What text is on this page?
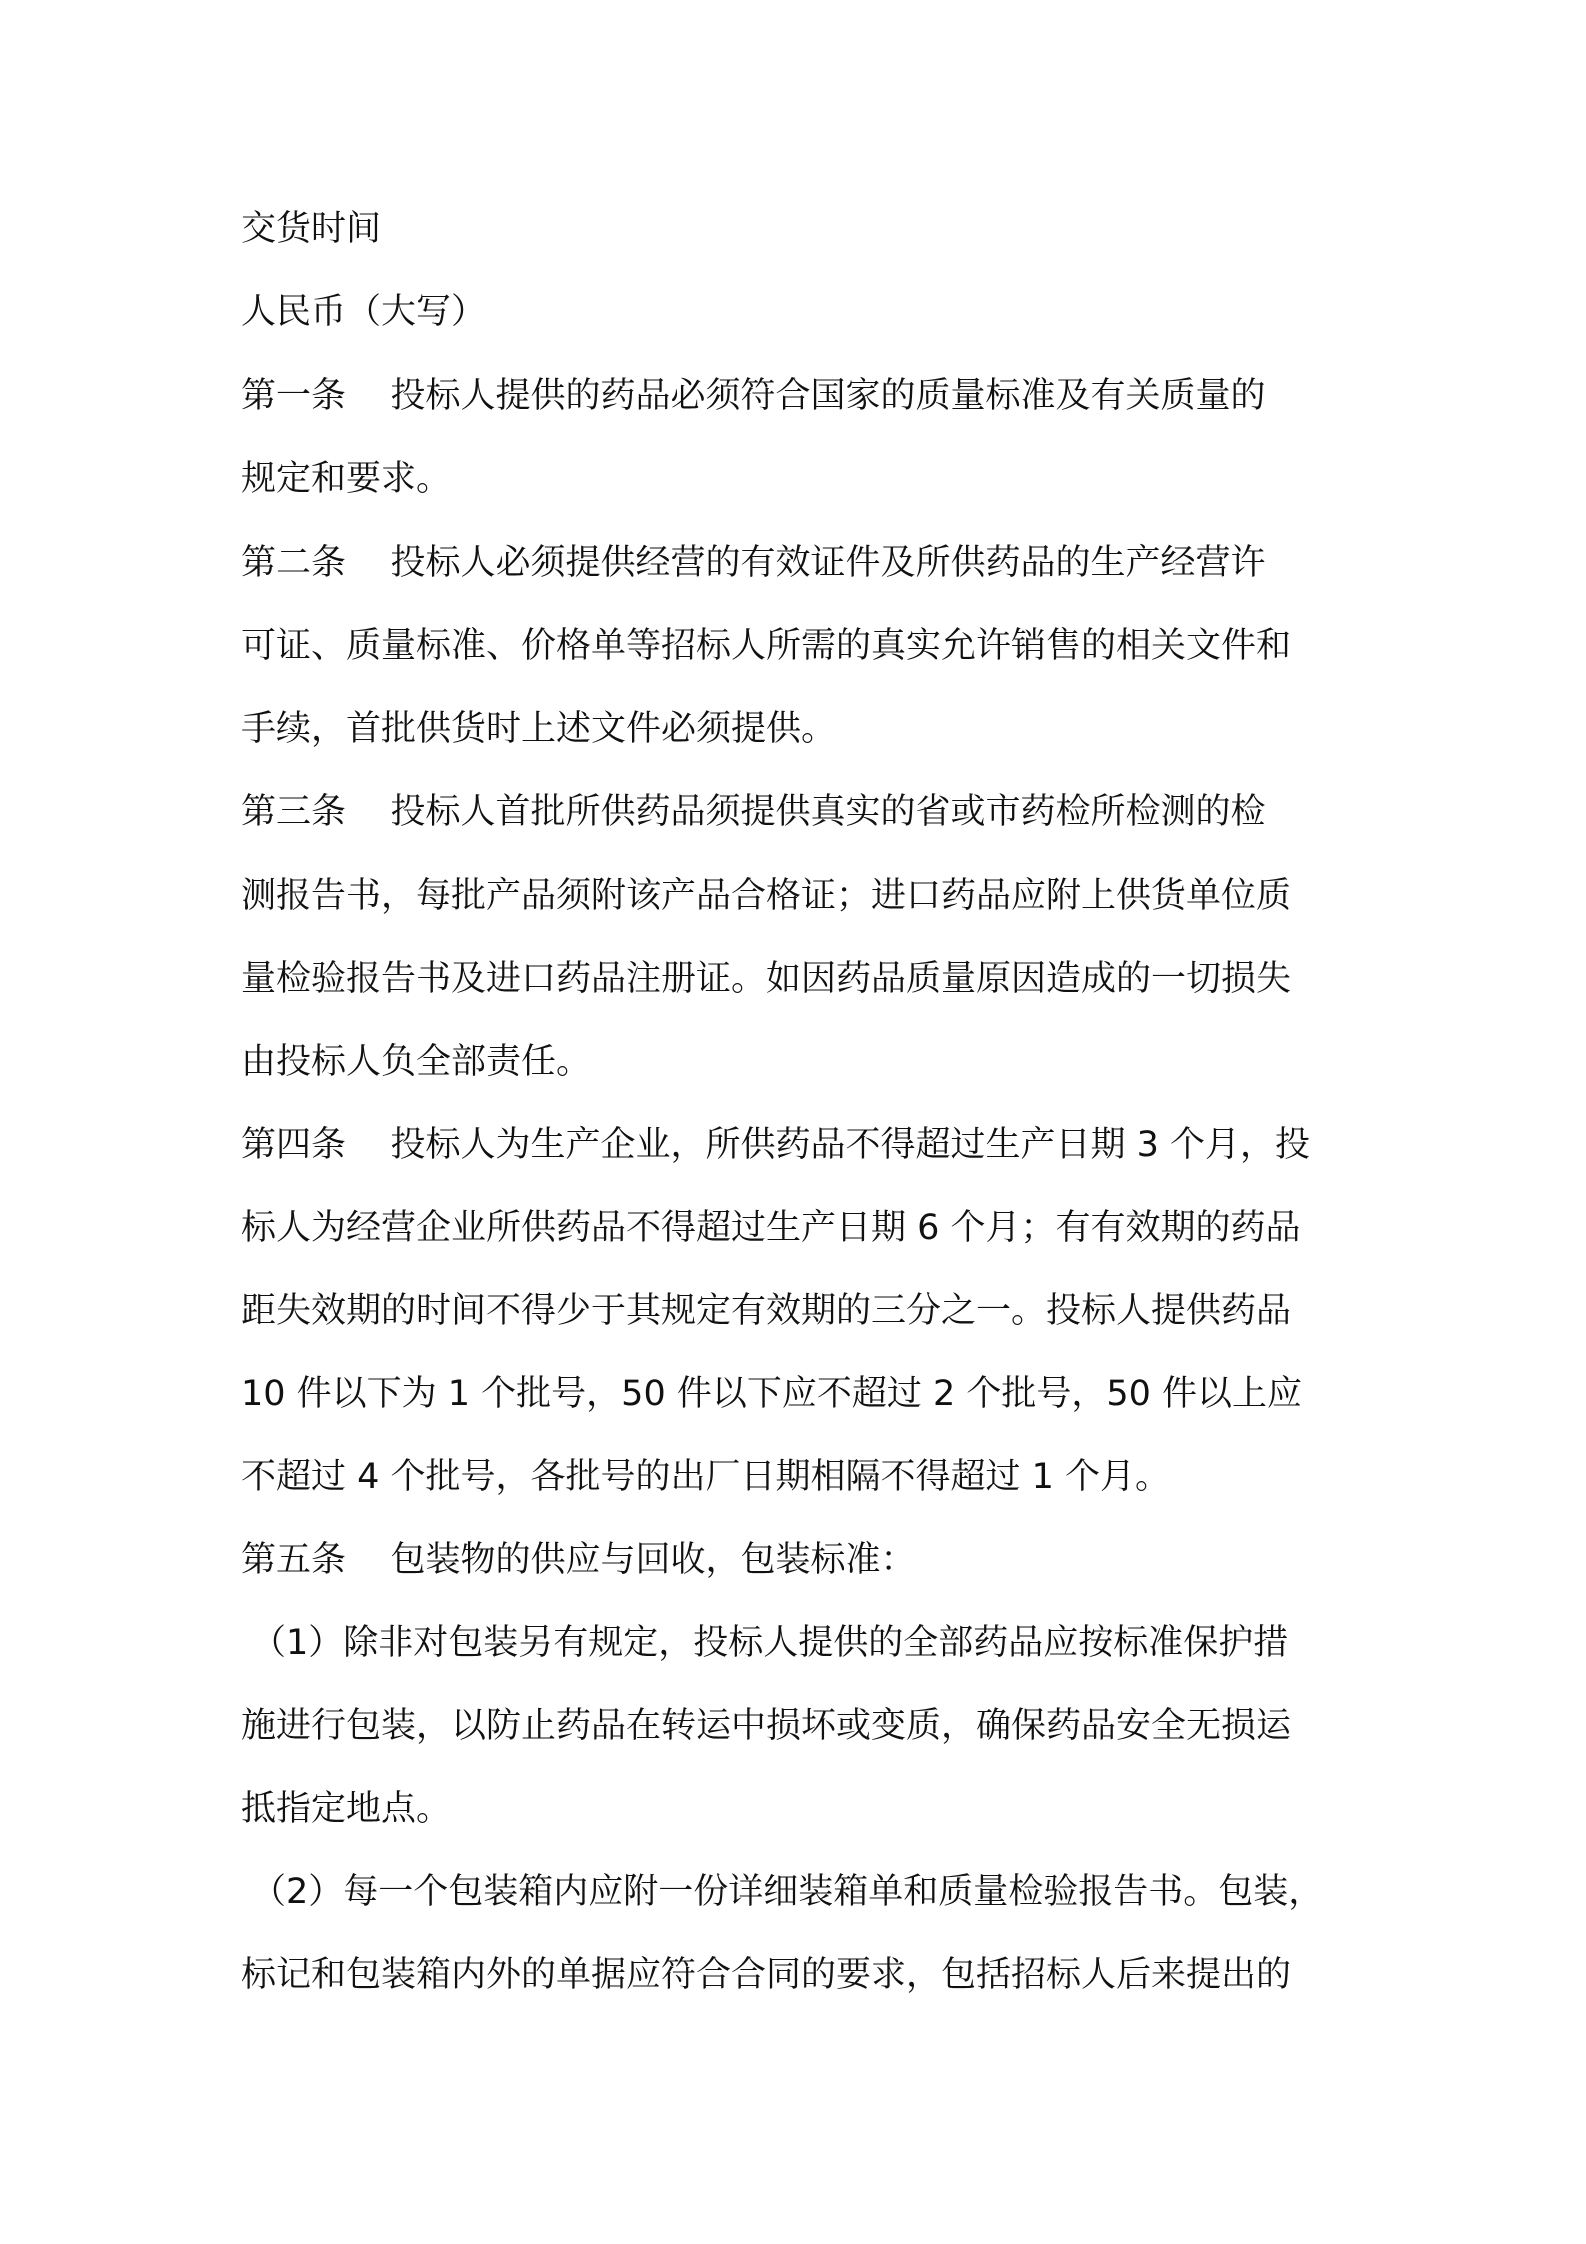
交货时间
人民币（大写）
第一条    投标人提供的药品必须符合国家的质量标准及有关质量的
规定和要求。
第二条    投标人必须提供经营的有效证件及所供药品的生产经营许
可证、质量标准、价格单等招标人所需的真实允许销售的相关文件和
手续，首批供货时上述文件必须提供。
第三条    投标人首批所供药品须提供真实的省或市药检所检测的检
测报告书，每批产品须附该产品合格证；进口药品应附上供货单位质
量检验报告书及进口药品注册证。如因药品质量原因造成的一切损失
由投标人负全部责任。
第四条    投标人为生产企业，所供药品不得超过生产日期 3 个月，投
标人为经营企业所供药品不得超过生产日期 6 个月；有有效期的药品
距失效期的时间不得少于其规定有效期的三分之一。投标人提供药品
10 件以下为 1 个批号，50 件以下应不超过 2 个批号，50 件以上应
不超过 4 个批号，各批号的出厂日期相隔不得超过 1 个月。
第五条    包装物的供应与回收，包装标准：
（1）除非对包装另有规定，投标人提供的全部药品应按标准保护措
施进行包装，以防止药品在转运中损坏或变质，确保药品安全无损运
抵指定地点。
（2）每一个包装箱内应附一份详细装箱单和质量检验报告书。包装，
标记和包装箱内外的单据应符合合同的要求，包括招标人后来提出的
